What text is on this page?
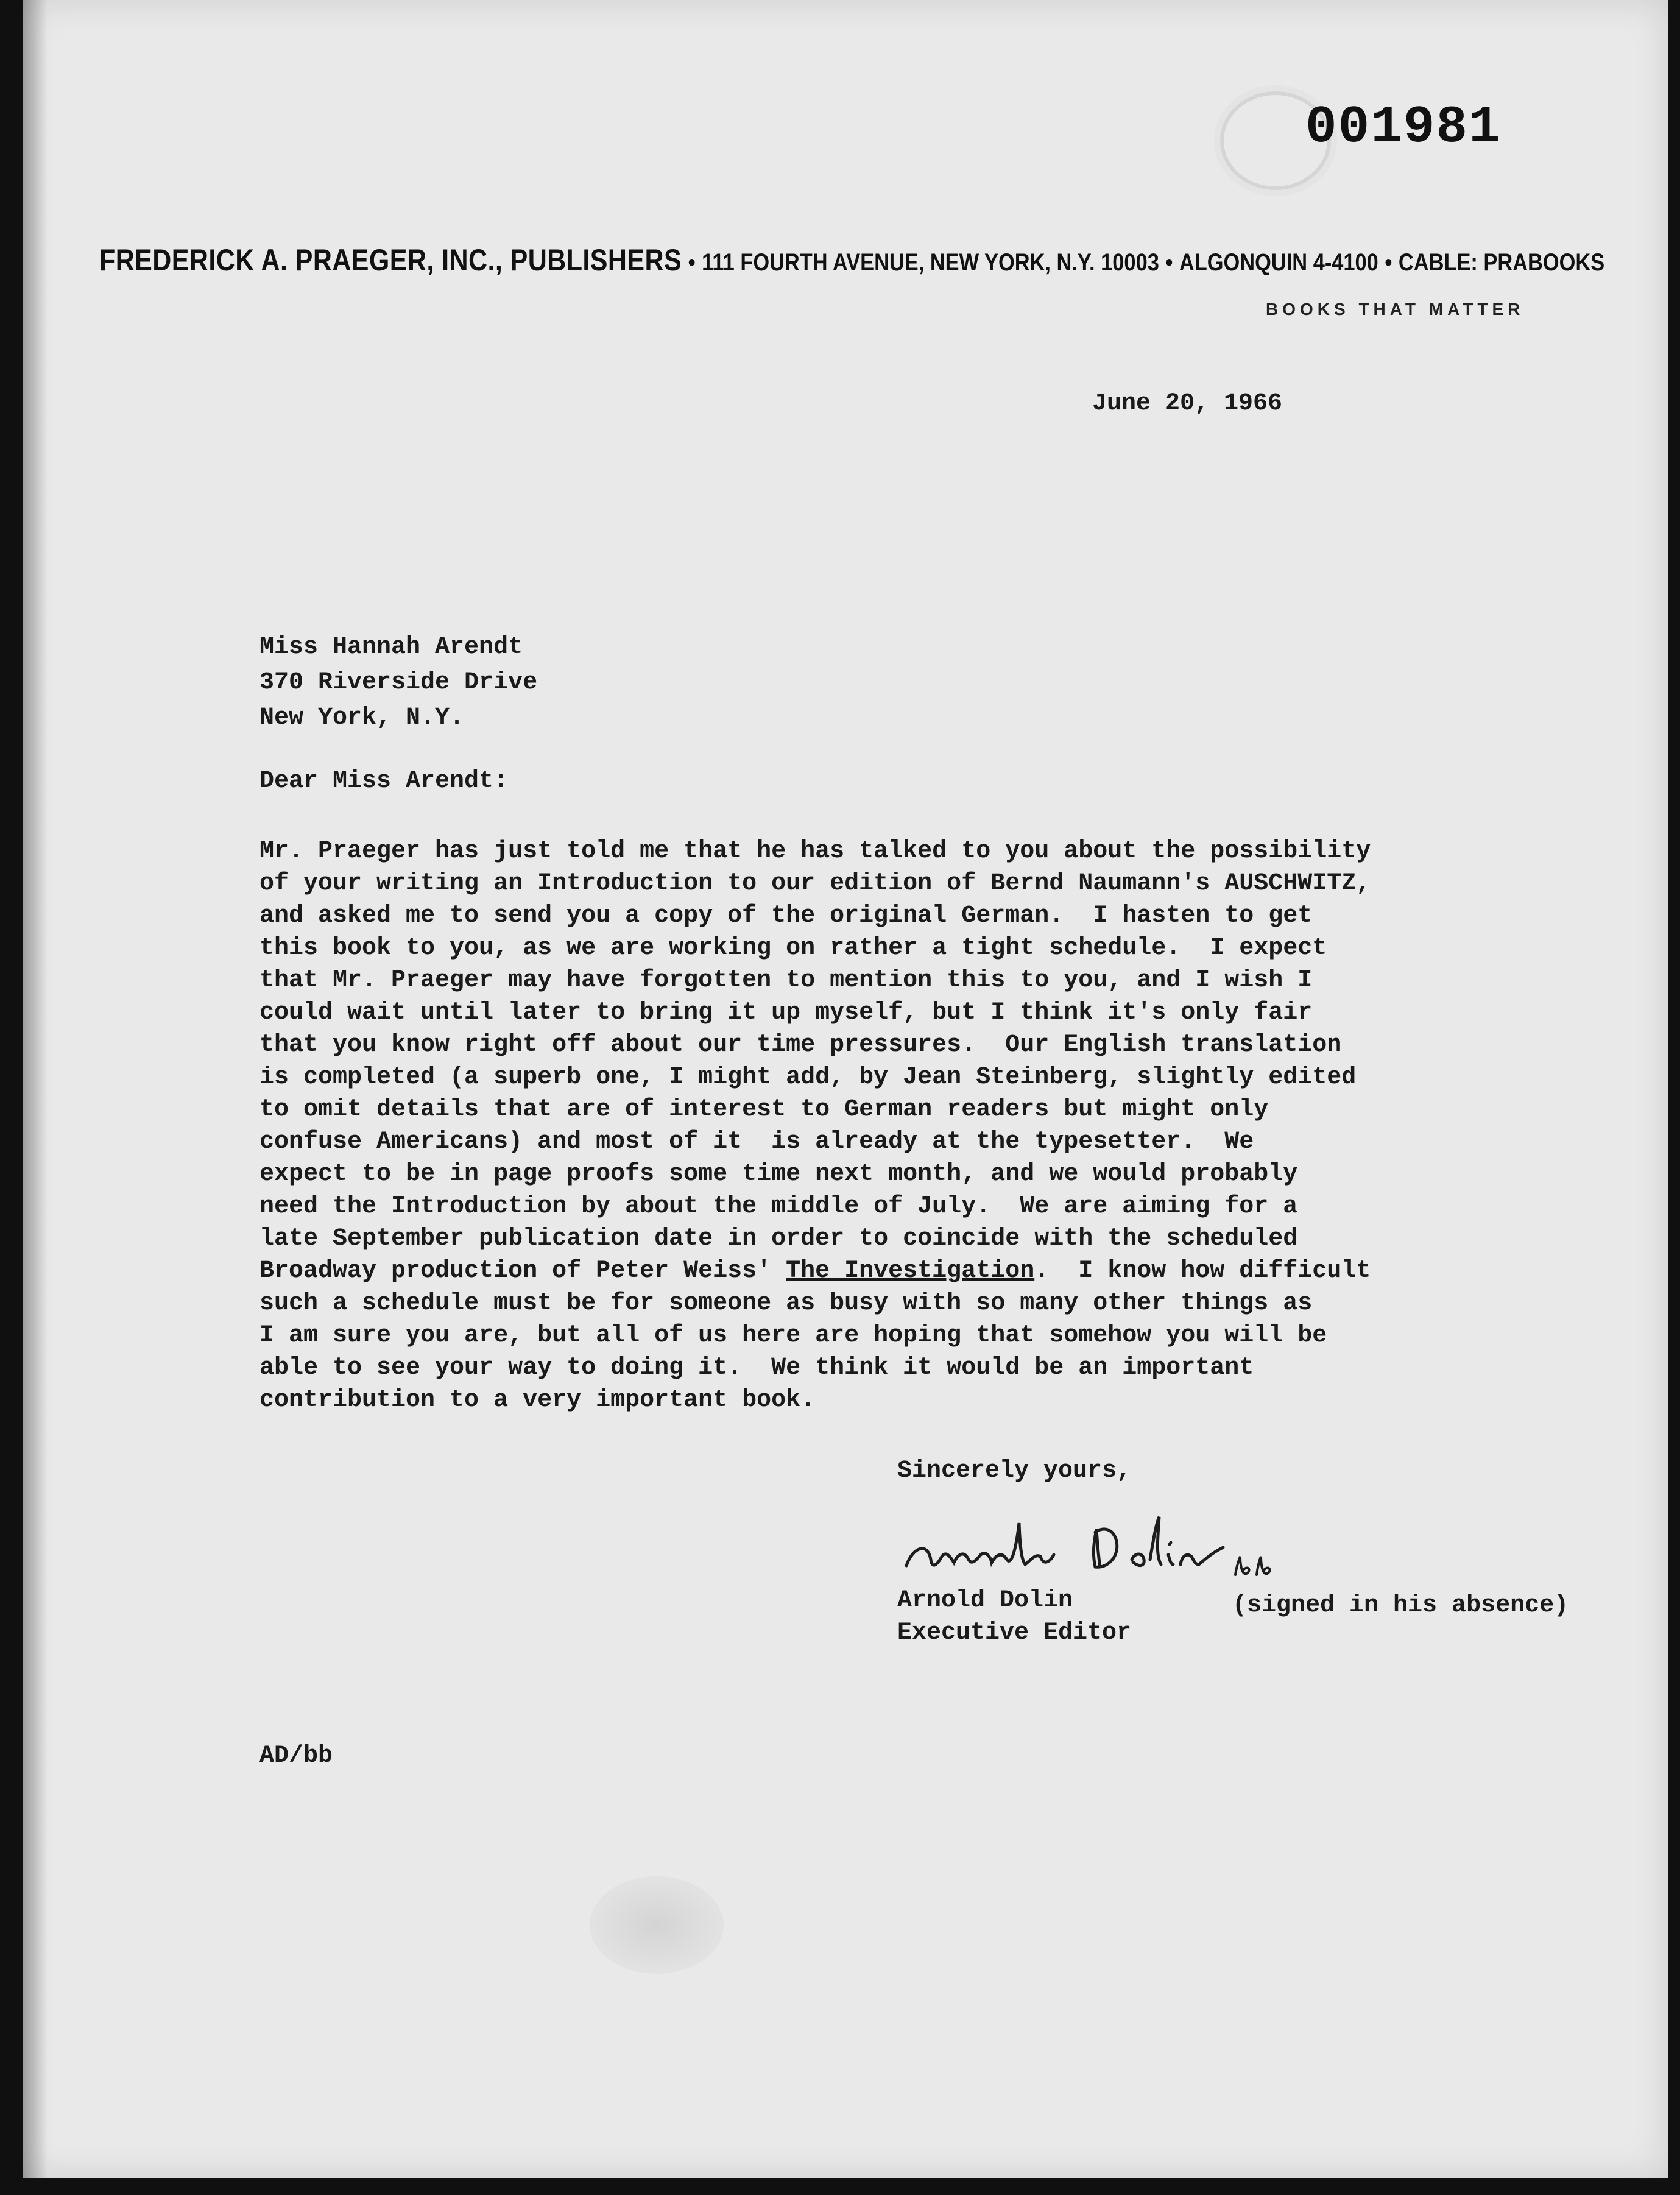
001981
FREDERICK A. PRAEGER, INC., PUBLISHERS • 111 FOURTH AVENUE, NEW YORK, N.Y. 10003 • ALGONQUIN 4-4100 • CABLE: PRABOOKS
BOOKS THAT MATTER
June 20, 1966
Miss Hannah Arendt
370 Riverside Drive
New York, N.Y.
Dear Miss Arendt:
Mr. Praeger has just told me that he has talked to you about the possibility
of your writing an Introduction to our edition of Bernd Naumann's AUSCHWITZ,
and asked me to send you a copy of the original German.  I hasten to get
this book to you, as we are working on rather a tight schedule.  I expect
that Mr. Praeger may have forgotten to mention this to you, and I wish I
could wait until later to bring it up myself, but I think it's only fair
that you know right off about our time pressures.  Our English translation
is completed (a superb one, I might add, by Jean Steinberg, slightly edited
to omit details that are of interest to German readers but might only
confuse Americans) and most of it  is already at the typesetter.  We
expect to be in page proofs some time next month, and we would probably
need the Introduction by about the middle of July.  We are aiming for a
late September publication date in order to coincide with the scheduled
Broadway production of Peter Weiss' The Investigation.  I know how difficult
such a schedule must be for someone as busy with so many other things as
I am sure you are, but all of us here are hoping that somehow you will be
able to see your way to doing it.  We think it would be an important
contribution to a very important book.
Sincerely yours,
Arnold Dolin
Executive Editor
(signed in his absence)
AD/bb
